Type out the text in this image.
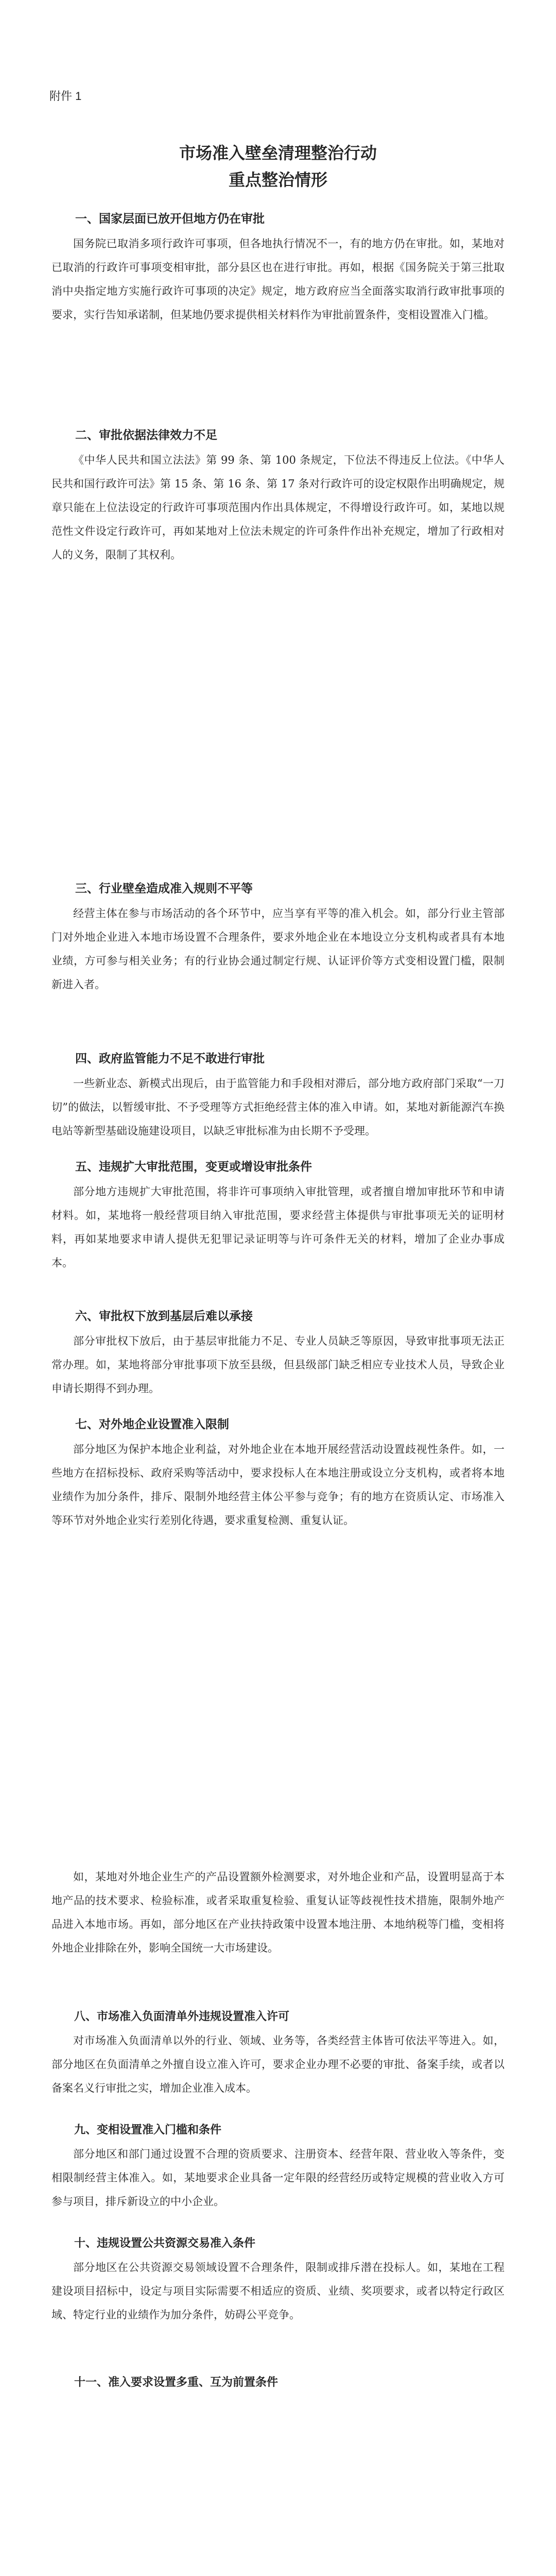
附件 1
市场准入壁垒清理整治行动
重点整治情形

一、国家层面已放开但地方仍在审批

国务院已取消多项行政许可事项，但各地执行情况不一，有的地方仍在审批。如，某地对已取消的行政许可事项变相审批，部分县区也在进行审批。再如，根据《国务院关于第三批取消中央指定地方实施行政许可事项的决定》规定，地方政府应当全面落实取消行政审批事项的要求，实行告知承诺制，但某地仍要求提供相关材料作为审批前置条件，变相设置准入门槛。

二、审批依据法律效力不足

《中华人民共和国立法法》第 99 条、第 100 条规定，下位法不得违反上位法。《中华人民共和国行政许可法》第 15 条、第 16 条、第 17 条对行政许可的设定权限作出明确规定，规章只能在上位法设定的行政许可事项范围内作出具体规定，不得增设行政许可。如，某地以规范性文件设定行政许可，再如某地对上位法未规定的许可条件作出补充规定，增加了行政相对人的义务，限制了其权利。

三、行业壁垒造成准入规则不平等

经营主体在参与市场活动的各个环节中，应当享有平等的准入机会。如，部分行业主管部门对外地企业进入本地市场设置不合理条件，要求外地企业在本地设立分支机构或者具有本地业绩，方可参与相关业务；有的行业协会通过制定行规、认证评价等方式变相设置门槛，限制新进入者。

四、政府监管能力不足不敢进行审批

一些新业态、新模式出现后，由于监管能力和手段相对滞后，部分地方政府部门采取“一刀切”的做法，以暂缓审批、不予受理等方式拒绝经营主体的准入申请。如，某地对新能源汽车换电站等新型基础设施建设项目，以缺乏审批标准为由长期不予受理。

五、违规扩大审批范围，变更或增设审批条件

部分地方违规扩大审批范围，将非许可事项纳入审批管理，或者擅自增加审批环节和申请材料。如，某地将一般经营项目纳入审批范围，要求经营主体提供与审批事项无关的证明材料，再如某地要求申请人提供无犯罪记录证明等与许可条件无关的材料，增加了企业办事成本。

六、审批权下放到基层后难以承接

部分审批权下放后，由于基层审批能力不足、专业人员缺乏等原因，导致审批事项无法正常办理。如，某地将部分审批事项下放至县级，但县级部门缺乏相应专业技术人员，导致企业申请长期得不到办理。

七、对外地企业设置准入限制

部分地区为保护本地企业利益，对外地企业在本地开展经营活动设置歧视性条件。如，一些地方在招标投标、政府采购等活动中，要求投标人在本地注册或设立分支机构，或者将本地业绩作为加分条件，排斥、限制外地经营主体公平参与竞争；有的地方在资质认定、市场准入等环节对外地企业实行差别化待遇，要求重复检测、重复认证。

如，某地对外地企业生产的产品设置额外检测要求，对外地企业和产品，设置明显高于本地产品的技术要求、检验标准，或者采取重复检验、重复认证等歧视性技术措施，限制外地产品进入本地市场。再如，部分地区在产业扶持政策中设置本地注册、本地纳税等门槛，变相将外地企业排除在外，影响全国统一大市场建设。

八、市场准入负面清单外违规设置准入许可

对市场准入负面清单以外的行业、领域、业务等，各类经营主体皆可依法平等进入。如，部分地区在负面清单之外擅自设立准入许可，要求企业办理不必要的审批、备案手续，或者以备案名义行审批之实，增加企业准入成本。

九、变相设置准入门槛和条件

部分地区和部门通过设置不合理的资质要求、注册资本、经营年限、营业收入等条件，变相限制经营主体准入。如，某地要求企业具备一定年限的经营经历或特定规模的营业收入方可参与项目，排斥新设立的中小企业。

十、违规设置公共资源交易准入条件

部分地区在公共资源交易领域设置不合理条件，限制或排斥潜在投标人。如，某地在工程建设项目招标中，设定与项目实际需要不相适应的资质、业绩、奖项要求，或者以特定行政区域、特定行业的业绩作为加分条件，妨碍公平竞争。

十一、准入要求设置多重、互为前置条件
